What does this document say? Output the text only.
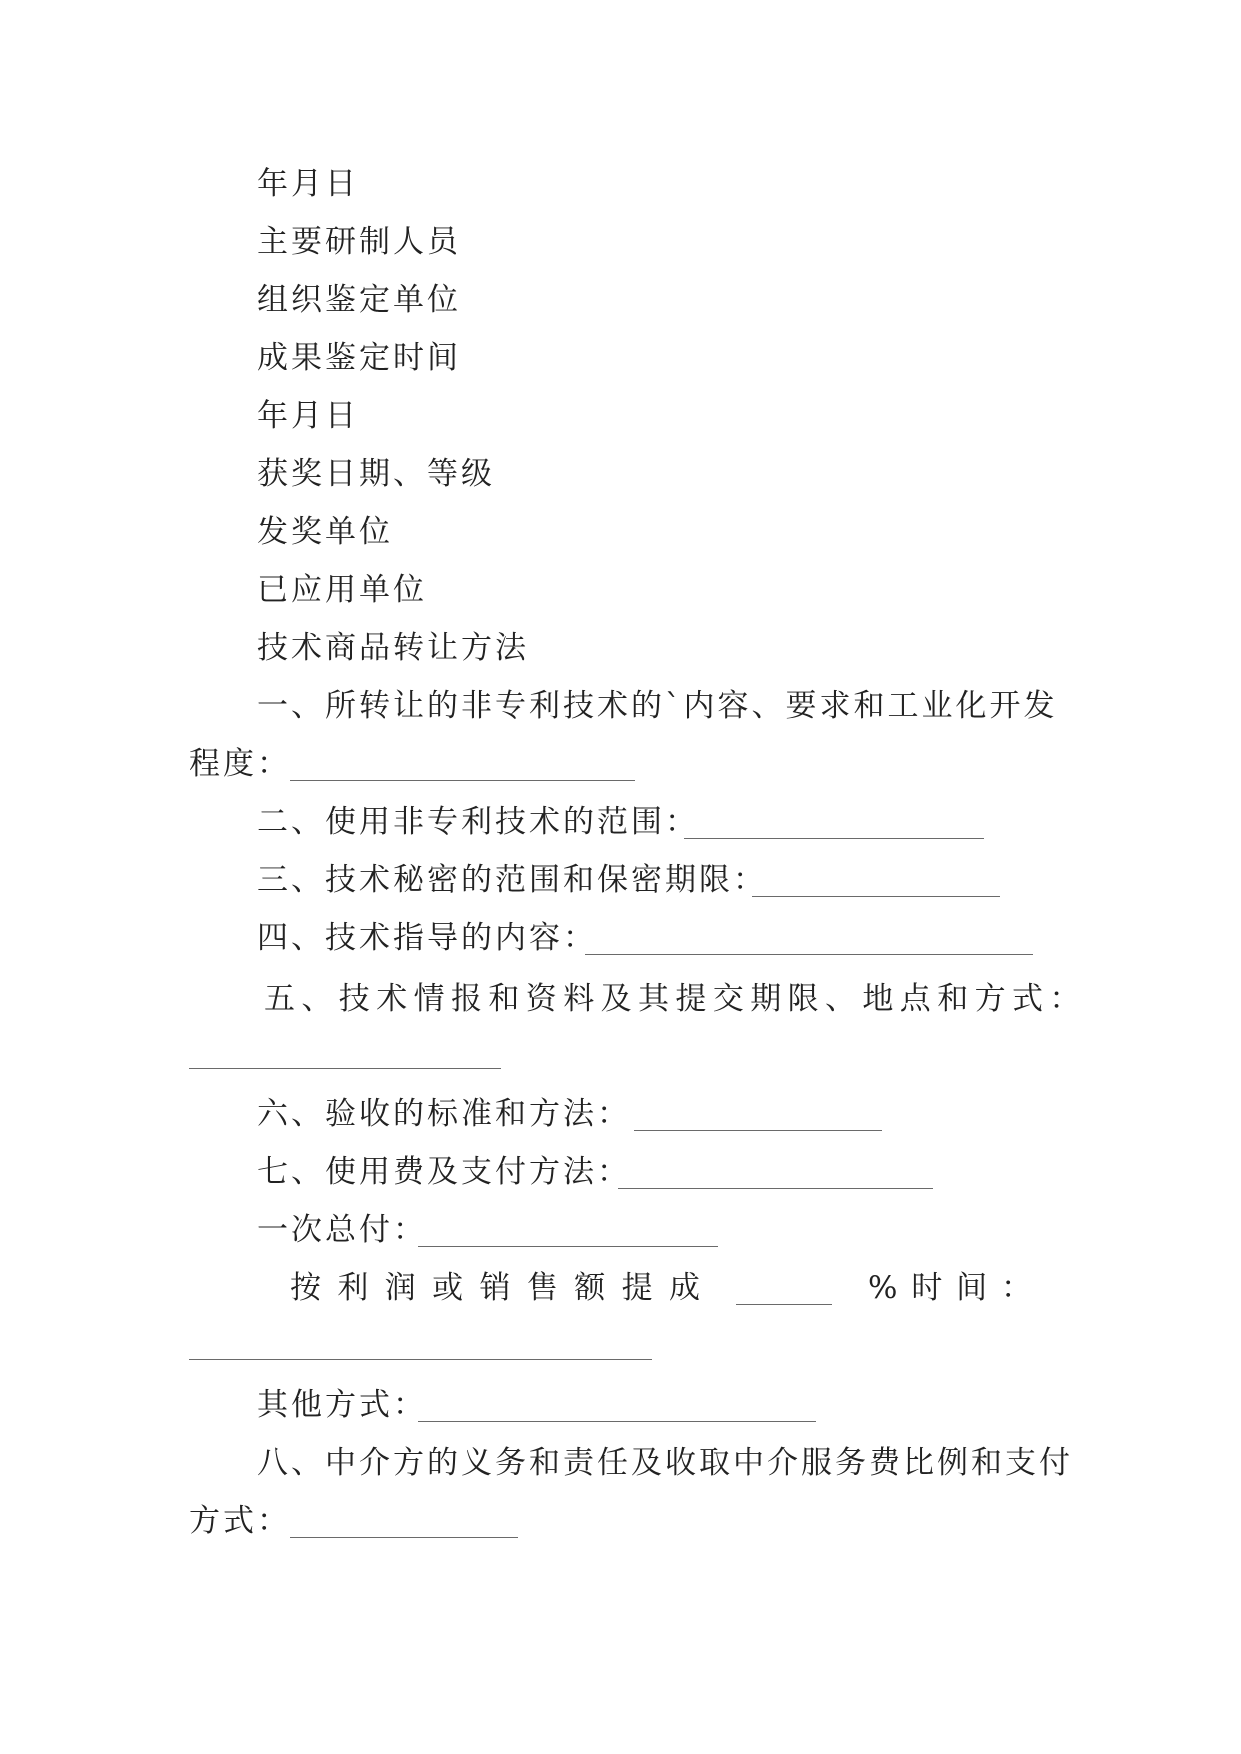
年月日
主要研制人员
组织鉴定单位
成果鉴定时间
年月日
获奖日期、等级
发奖单位
已应用单位
技术商品转让方法
一、所转让的非专利技术的`内容、要求和工业化开发
程度：
二、使用非专利技术的范围：
三、技术秘密的范围和保密期限：
四、技术指导的内容：
五、技术情报和资料及其提交期限、地点和方式：
六、验收的标准和方法：
七、使用费及支付方法：
一次总付：
按 利 润 或 销 售 额 提 成	% 时 间 ：
其他方式：
八、中介方的义务和责任及收取中介服务费比例和支付
方式：
